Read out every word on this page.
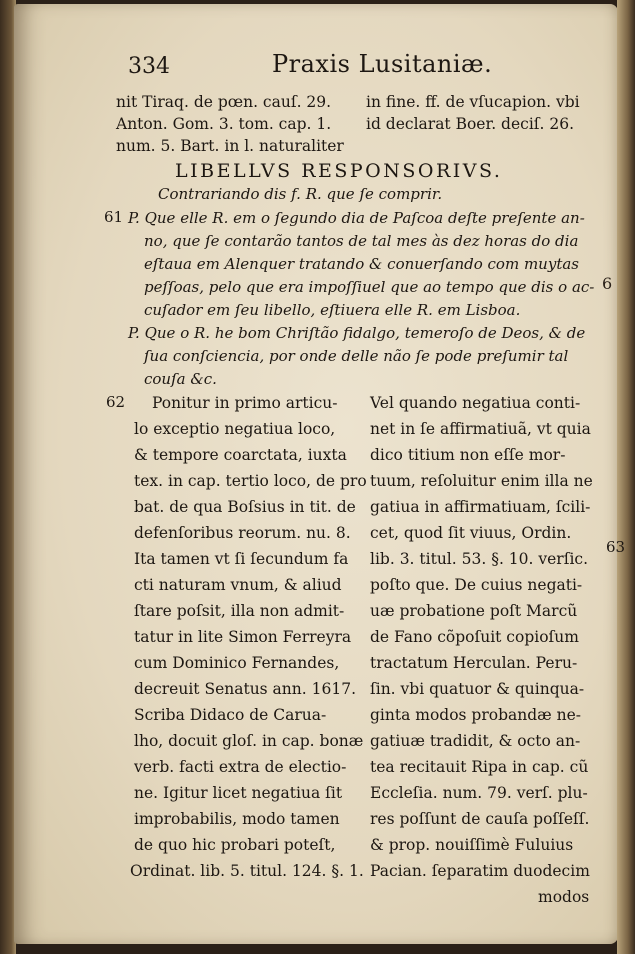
334	Praxis Lusitaniæ.
nit Tiraq. de pœn. cauſ. 29.
Anton. Gom. 3. tom. cap. 1.
num. 5. Bart. in l. naturaliter
in fine. ff. de vſucapion. vbi
id declarat Boer. deciſ. 26.
LIBELLVS RESPONSORIVS.
Contrariando dis f. R. que ſe comprir.
61 P. Que elle R. em o ſegundo dia de Paſcoa deſte preſente an-
no, que ſe contarão tantos de tal mes às dez horas do dia
eſtaua em Alenquer tratando & conuerſando com muytas
peſſoas, pelo que era impoſſiuel que ao tempo que dis o ac-
cuſador em ſeu libello, eſtiuera elle R. em Lisboa.
P. Que o R. he bom Chriſtão fidalgo, temeroſo de Deos, & de
ſua conſciencia, por onde delle não ſe pode preſumir tal
couſa &c.
62
63
6
Ponitur in primo articu-
lo exceptio negatiua loco,
& tempore coarctata, iuxta
tex. in cap. tertio loco, de pro
bat. de qua Boſsius in tit. de
defenſoribus reorum. nu. 8.
Ita tamen vt ſi ſecundum fa
cti naturam vnum, & aliud
ſtare poſsit, illa non admit-
tatur in lite Simon Ferreyra
cum Dominico Fernandes,
decreuit Senatus ann. 1617.
Scriba Didaco de Caruа-
lho, docuit gloſ. in cap. bonæ
verb. facti extra de electio-
ne. Igitur licet negatiua ſit
improbabilis, modo tamen
de quo hic probari poteſt,
Ordinat. lib. 5. titul. 124. §. 1.
Vel quando negatiua conti-
net in ſe affirmatiuã, vt quia
dico titium non eſſe mor-
tuum, reſoluitur enim illa ne
gatiua in affirmatiuam, ſcili-
cet, quod ſit viuus, Ordin.
lib. 3. titul. 53. §. 10. verſic.
poſto que. De cuius negati-
uæ probatione poſt Marcũ
de Fano cõpoſuit copioſum
tractatum Herculan. Peru-
ſin. vbi quatuor & quinqua-
ginta modos probandæ ne-
gatiuæ tradidit, & octo an-
tea recitauit Ripa in cap. cũ
Eccleſia. num. 79. verſ. plu-
res poſſunt de cauſa poſſeſſ.
& prop. nouiſſimè Fuluius
Pacian. ſeparatim duodecim
modos
